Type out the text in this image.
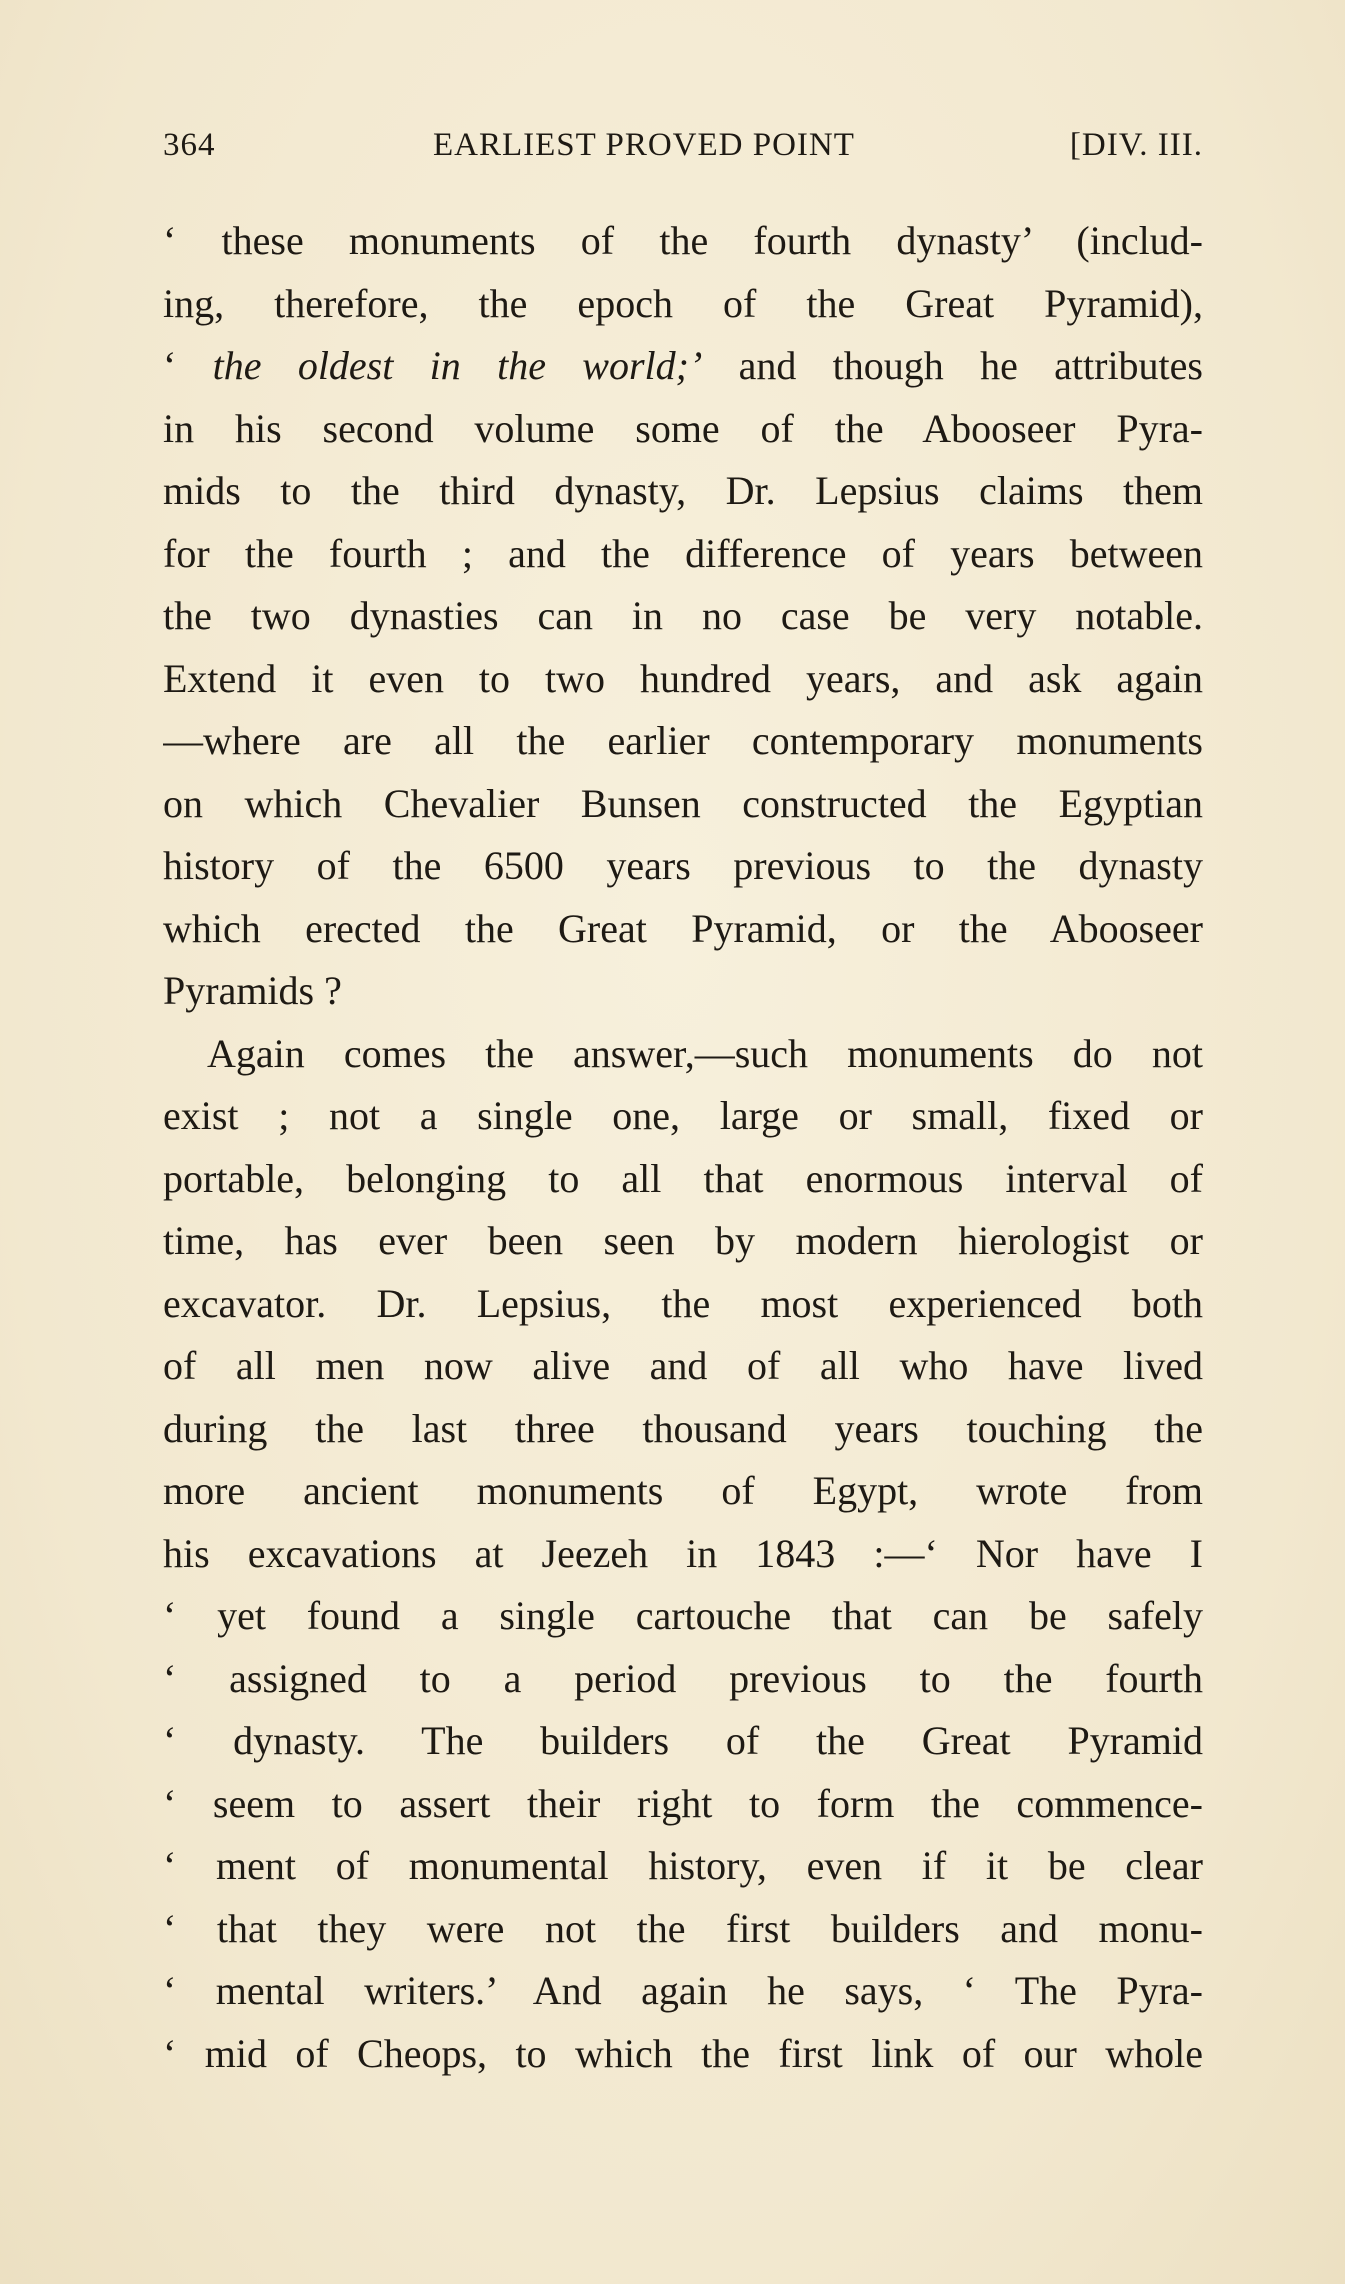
364	EARLIEST PROVED POINT	[DIV. III.
‘ these monuments of the fourth dynasty’ (includ-
ing, therefore, the epoch of the Great Pyramid),
‘ the oldest in the world;’ and though he attributes
in his second volume some of the Abooseer Pyra-
mids to the third dynasty, Dr. Lepsius claims them
for the fourth ; and the difference of years between
the two dynasties can in no case be very notable.
Extend it even to two hundred years, and ask again
—where are all the earlier contemporary monuments
on which Chevalier Bunsen constructed the Egyptian
history of the 6500 years previous to the dynasty
which erected the Great Pyramid, or the Abooseer
Pyramids ?
Again comes the answer,—such monuments do not
exist ; not a single one, large or small, fixed or
portable, belonging to all that enormous interval of
time, has ever been seen by modern hierologist or
excavator. Dr. Lepsius, the most experienced both
of all men now alive and of all who have lived
during the last three thousand years touching the
more ancient monuments of Egypt, wrote from
his excavations at Jeezeh in 1843 :—‘ Nor have I
‘ yet found a single cartouche that can be safely
‘ assigned to a period previous to the fourth
‘ dynasty. The builders of the Great Pyramid
‘ seem to assert their right to form the commence-
‘ ment of monumental history, even if it be clear
‘ that they were not the first builders and monu-
‘ mental writers.’ And again he says, ‘ The Pyra-
‘ mid of Cheops, to which the first link of our whole
